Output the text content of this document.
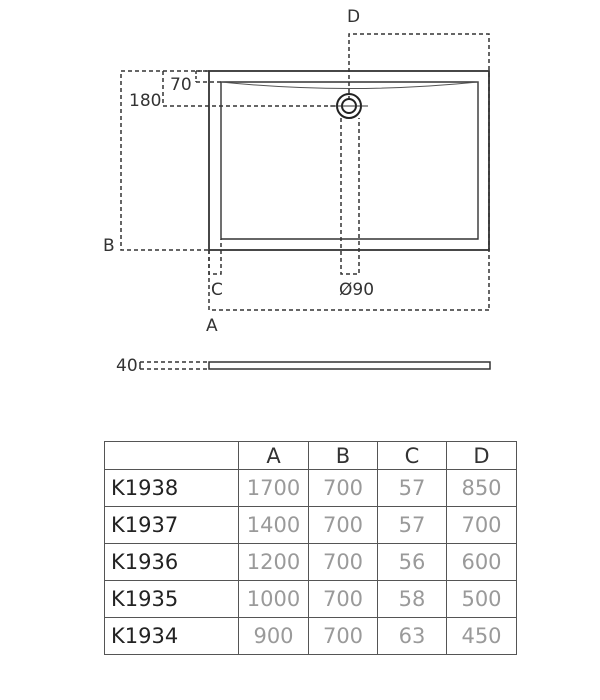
D
70
180
B
C	Ø90
A
40
	A	B	C	D
K1938	1700	700	57	850
K1937	1400	700	57	700
K1936	1200	700	56	600
K1935	1000	700	58	500
K1934	900	700	63	450
